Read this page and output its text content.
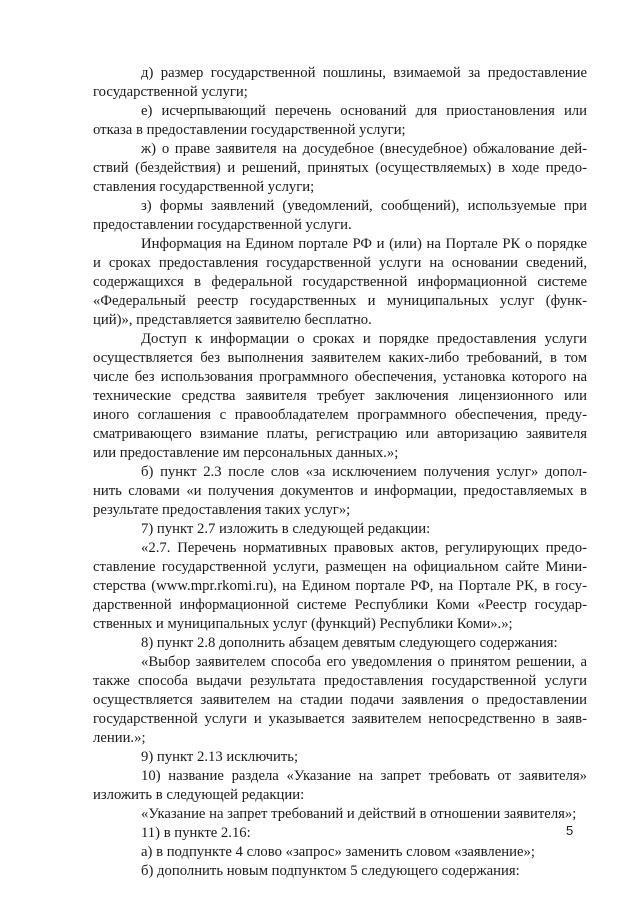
д) размер государственной пошлины, взимаемой за предоставление
государственной услуги;
е) исчерпывающий перечень оснований для приостановления или
отказа в предоставлении государственной услуги;
ж) о праве заявителя на досудебное (внесудебное) обжалование дей-
ствий (бездействия) и решений, принятых (осуществляемых) в ходе предо-
ставления государственной услуги;
з) формы заявлений (уведомлений, сообщений), используемые при
предоставлении государственной услуги.
Информация на Едином портале РФ и (или) на Портале РК о порядке
и сроках предоставления государственной услуги на основании сведений,
содержащихся в федеральной государственной информационной системе
«Федеральный реестр государственных и муниципальных услуг (функ-
ций)», представляется заявителю бесплатно.
Доступ к информации о сроках и порядке предоставления услуги
осуществляется без выполнения заявителем каких-либо требований, в том
числе без использования программного обеспечения, установка которого на
технические средства заявителя требует заключения лицензионного или
иного соглашения с правообладателем программного обеспечения, преду-
сматривающего взимание платы, регистрацию или авторизацию заявителя
или предоставление им персональных данных.»;
б) пункт 2.3 после слов «за исключением получения услуг» допол-
нить словами «и получения документов и информации, предоставляемых в
результате предоставления таких услуг»;
7) пункт 2.7 изложить в следующей редакции:
«2.7. Перечень нормативных правовых актов, регулирующих предо-
ставление государственной услуги, размещен на официальном сайте Мини-
стерства (www.mpr.rkomi.ru), на Едином портале РФ, на Портале РК, в госу-
дарственной информационной системе Республики Коми «Реестр государ-
ственных и муниципальных услуг (функций) Республики Коми».»;
8) пункт 2.8 дополнить абзацем девятым следующего содержания:
«Выбор заявителем способа его уведомления о принятом решении, а
также способа выдачи результата предоставления государственной услуги
осуществляется заявителем на стадии подачи заявления о предоставлении
государственной услуги и указывается заявителем непосредственно в заяв-
лении.»;
9) пункт 2.13 исключить;
10) название раздела «Указание на запрет требовать от заявителя»
изложить в следующей редакции:
«Указание на запрет требований и действий в отношении заявителя»;
11) в пункте 2.16:
а) в подпункте 4 слово «запрос» заменить словом «заявление»;
б) дополнить новым подпунктом 5 следующего содержания:
5
